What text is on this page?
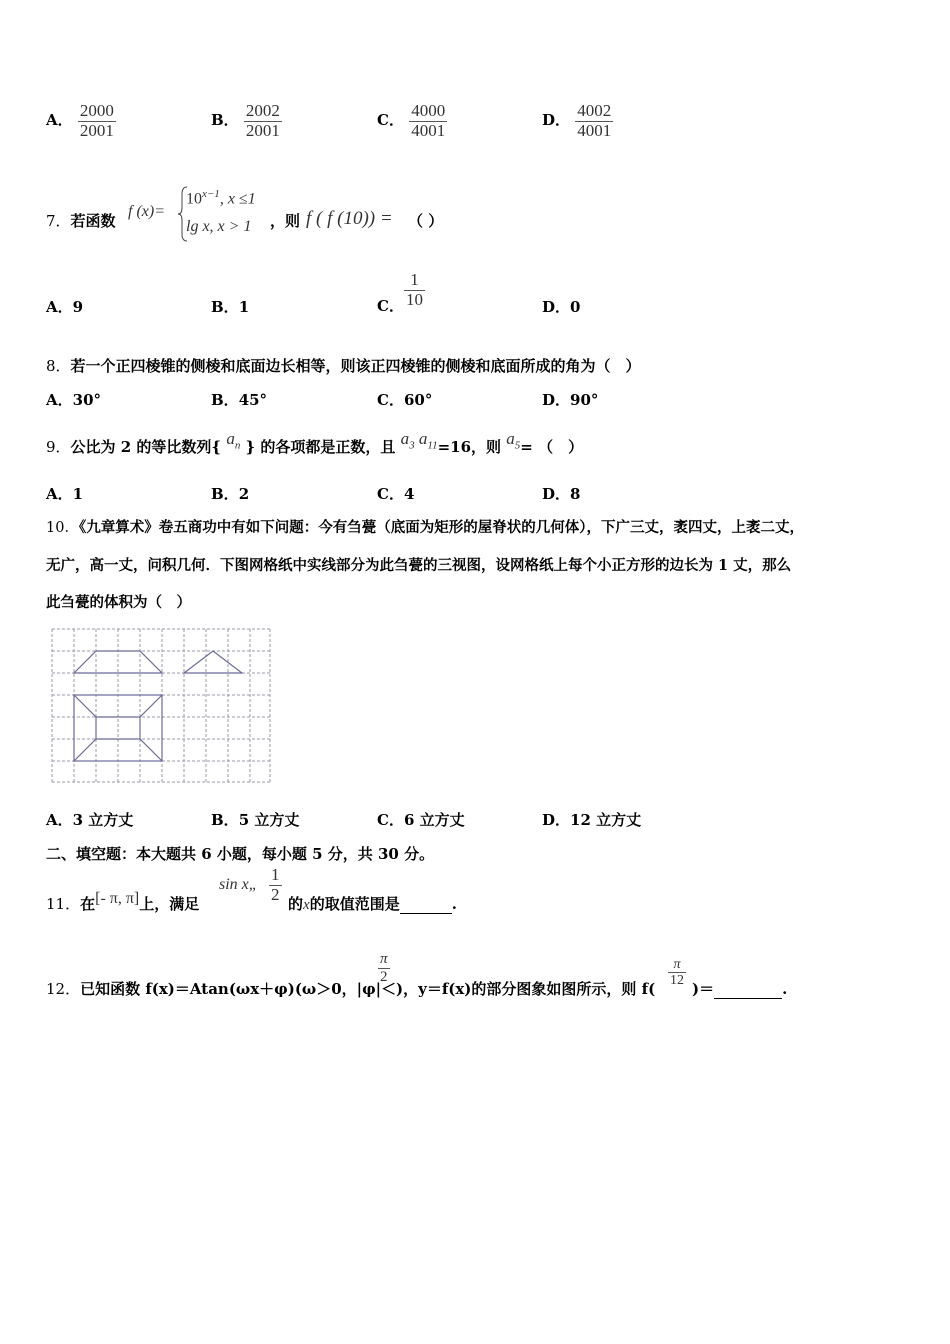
A． $\frac{2000}{2001}$	B． $\frac{2002}{2001}$	C． $\frac{4000}{4001}$	D． $\frac{4002}{4001}$
7．若函数
f (x)=
$10^{x-1}$, x ≤1
lg x, x > 1 ，则 f ( f (10)) = （ ）
A．9	B．1	C． $\frac{1}{10}$	D．0
8．若一个正四棱锥的侧棱和底面边长相等，则该正四棱锥的侧棱和底面所成的角为（　）
A．30°	B．45°	C．60°	D．90°
9．公比为 2 的等比数列{ $a_n$ } 的各项都是正数，且 $a_3$ $a_{11}=16$，则 $a_5=$ （　）
A．1	B．2	C．4	D．8
10．《九章算术》卷五商功中有如下问题：今有刍甍（底面为矩形的屋脊状的几何体），下广三丈，袤四丈，上袤二丈，
无广，高一丈，问积几何．下图网格纸中实线部分为此刍甍的三视图，设网格纸上每个小正方形的边长为 1 丈，那么
此刍甍的体积为（　）
A．3 立方丈	B．5 立方丈	C．6 立方丈	D．12 立方丈
二、填空题：本大题共 6 小题，每小题 5 分，共 30 分。
11．在[- π, π]上，满足
sin x„ $\frac{1}{2}$ 的x的取值范围是	.
12．已知函数 f(x)＝Atan(ωx＋φ)(ω＞0，|φ|＜
$\frac{\pi}{2}$
)，y＝f(x)的部分图象如图所示，则 f(
$\frac{\pi}{12}$
)＝	.
